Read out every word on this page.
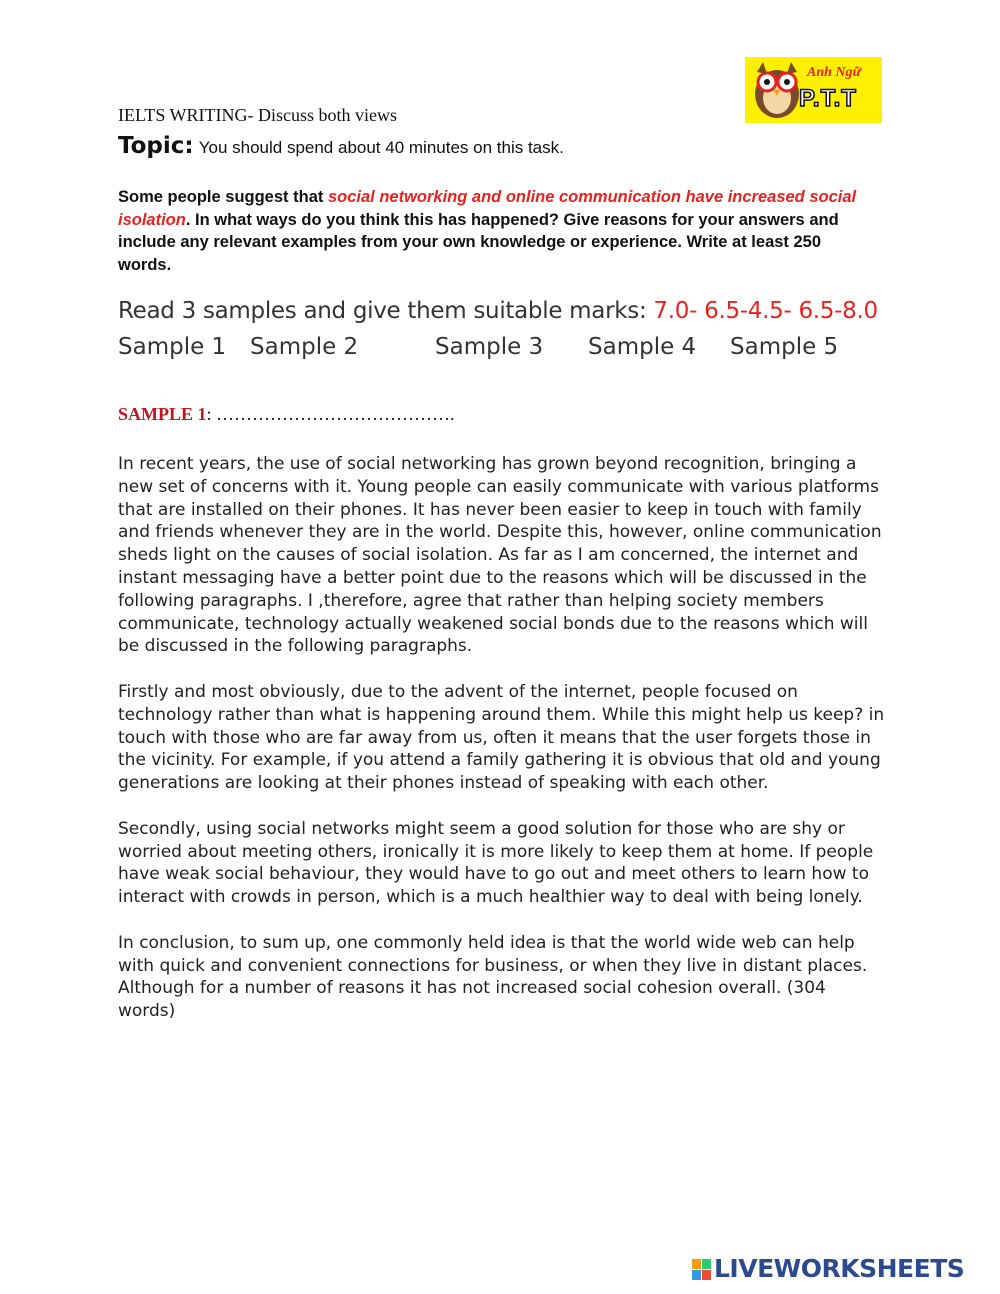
Anh Ngữ
P.T.T
IELTS WRITING- Discuss both views
Topic: You should spend about 40 minutes on this task.
Some people suggest that social networking and online communication have increased social isolation. In what ways do you think this has happened? Give reasons for your answers and include any relevant examples from your own knowledge or experience. Write at least 250 words.
Read 3 samples and give them suitable marks: 7.0- 6.5-4.5- 6.5-8.0
Sample 1 Sample 2	Sample 3 Sample 4 Sample 5
SAMPLE 1: ………………………………….

In recent years, the use of social networking has grown beyond recognition, bringing a new set of concerns with it. Young people can easily communicate with various platforms that are installed on their phones. It has never been easier to keep in touch with family and friends whenever they are in the world. Despite this, however, online communication sheds light on the causes of social isolation. As far as I am concerned, the internet and instant messaging have a better point due to the reasons which will be discussed in the following paragraphs. I ,therefore, agree that rather than helping society members communicate, technology actually weakened social bonds due to the reasons which will be discussed in the following paragraphs.

Firstly and most obviously, due to the advent of the internet, people focused on technology rather than what is happening around them. While this might help us keep? in touch with those who are far away from us, often it means that the user forgets those in the vicinity. For example, if you attend a family gathering it is obvious that old and young generations are looking at their phones instead of speaking with each other.

Secondly, using social networks might seem a good solution for those who are shy or worried about meeting others, ironically it is more likely to keep them at home. If people have weak social behaviour, they would have to go out and meet others to learn how to interact with crowds in person, which is a much healthier way to deal with being lonely.

In conclusion, to sum up, one commonly held idea is that the world wide web can help with quick and convenient connections for business, or when they live in distant places. Although for a number of reasons it has not increased social cohesion overall. (304 words)

LIVEWORKSHEETS
